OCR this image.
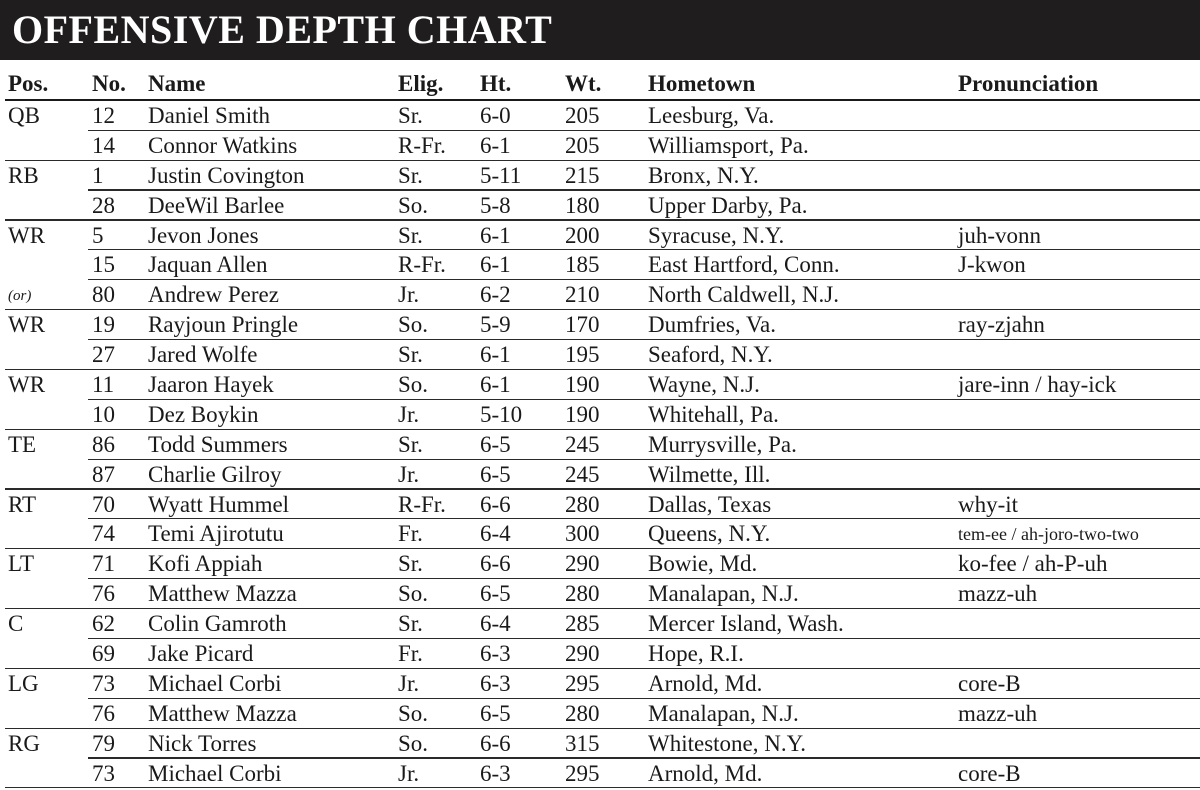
OFFENSIVE DEPTH CHART
Pos. No. Name	Elig. Ht. Wt. Hometown	Pronunciation
QB 12 Daniel Smith	Sr. 6-0 205 Leesburg, Va.
14 Connor Watkins	R-Fr. 6-1 205 Williamsport, Pa.
RB 1 Justin Covington	Sr. 5-11 215 Bronx, N.Y.
28 DeeWil Barlee	So. 5-8 180 Upper Darby, Pa.
WR 5 Jevon Jones	Sr. 6-1 200 Syracuse, N.Y.	juh-vonn
15 Jaquan Allen	R-Fr. 6-1 185 East Hartford, Conn.	J-kwon
(or)	80 Andrew Perez	Jr.	6-2 210 North Caldwell, N.J.
WR 19 Rayjoun Pringle	So. 5-9 170 Dumfries, Va.	ray-zjahn
27 Jared Wolfe	Sr. 6-1 195 Seaford, N.Y.
WR 11 Jaaron Hayek	So. 6-1 190 Wayne, N.J.	jare-inn / hay-ick
10 Dez Boykin	Jr.	5-10 190 Whitehall, Pa.
TE 86 Todd Summers	Sr. 6-5 245 Murrysville, Pa.
87 Charlie Gilroy	Jr.	6-5 245 Wilmette, Ill.
RT 70 Wyatt Hummel	R-Fr. 6-6 280 Dallas, Texas	why-it
74 Temi Ajirotutu	Fr. 6-4 300 Queens, N.Y.	tem-ee / ah-joro-two-two
LT	71 Kofi Appiah	Sr. 6-6 290 Bowie, Md.	ko-fee / ah-P-uh
76 Matthew Mazza	So. 6-5 280 Manalapan, N.J.	mazz-uh
C	62 Colin Gamroth	Sr. 6-4 285 Mercer Island, Wash.
69 Jake Picard	Fr. 6-3 290 Hope, R.I.
LG 73 Michael Corbi	Jr.	6-3 295 Arnold, Md.	core-B
76 Matthew Mazza	So. 6-5 280 Manalapan, N.J.	mazz-uh
RG 79 Nick Torres	So. 6-6 315 Whitestone, N.Y.
73 Michael Corbi	Jr.	6-3 295 Arnold, Md.	core-B
